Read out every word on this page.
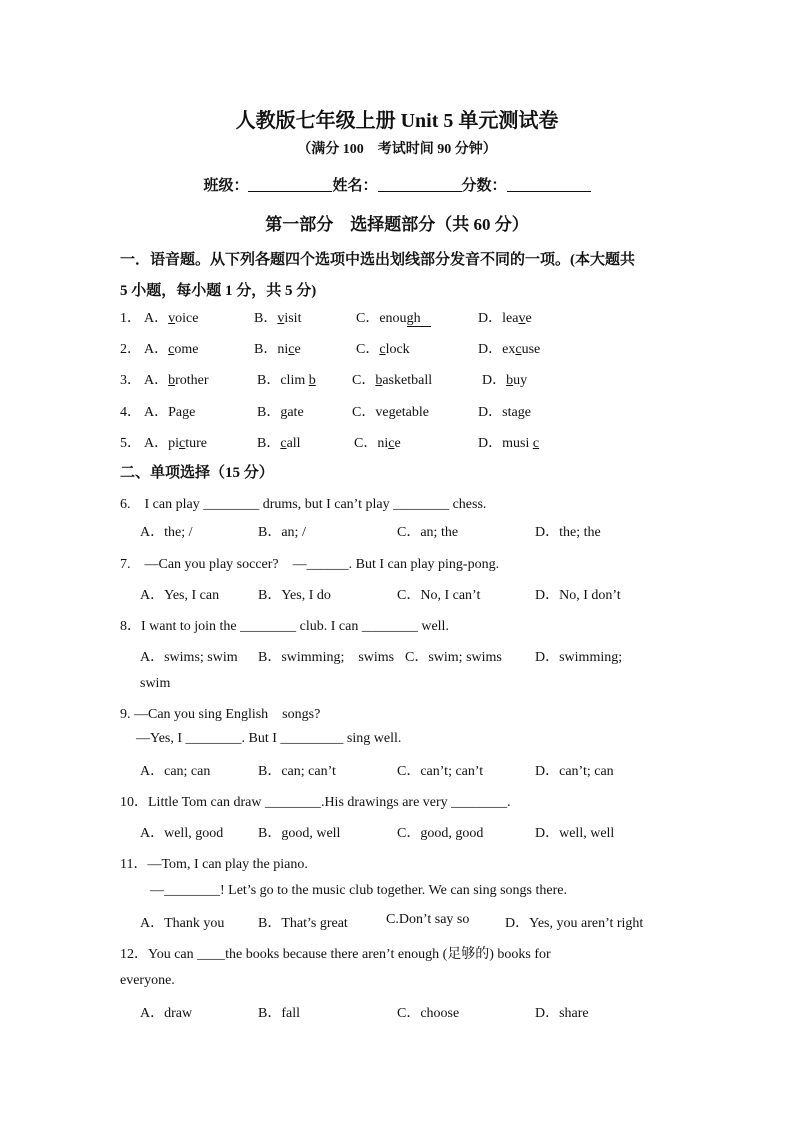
人教版七年级上册 Unit 5 单元测试卷
（满分 100　考试时间 90 分钟）
班级：	姓名：	分数：
第一部分　选择题部分（共 60 分）
一．语音题。从下列各题四个选项中选出划线部分发音不同的一项。(本大题共
5 小题，每小题 1 分，共 5 分)
1． A．voice	B．visit	C．enough	D．leave
2． A．come	B．nice	C．clock	D．excuse
3． A．brother	B．clim b	C．basketball	D．buy
4． A．Page	B．gate	C．vegetable	D．stage
5． A．picture	B．call	C．nice	D．musi c
二、单项选择（15 分）
6.　I can play ________ drums, but I can’t play ________ chess.
A．the; /	B．an; /	C．an; the	D．the; the
7.　—Can you play soccer?　—______. But I can play ping-pong.
A．Yes, I can	B．Yes, I do	C．No, I can’t	D．No, I don’t
8．I want to join the ________ club. I can ________ well.
A．swims; swim B．swimming;　swims C．swim; swims D．swimming;
swim
9. —Can you sing English　songs?
—Yes, I ________. But I _________ sing well.
A．can; can	B．can; can’t	C．can’t; can’t	D．can’t; can
10．Little Tom can draw ________.His drawings are very ________.
A．well, good B．good, well	C．good, good	D．well, well
11．—Tom, I can play the piano.
—________! Let’s go to the music club together. We can sing songs there.
A．Thank you B．That’s great	C.Don’t say so	D．Yes, you aren’t right
12．You can ____the books because there aren’t enough (足够的) books for
everyone.
A．draw	B．fall	C．choose	D．share
